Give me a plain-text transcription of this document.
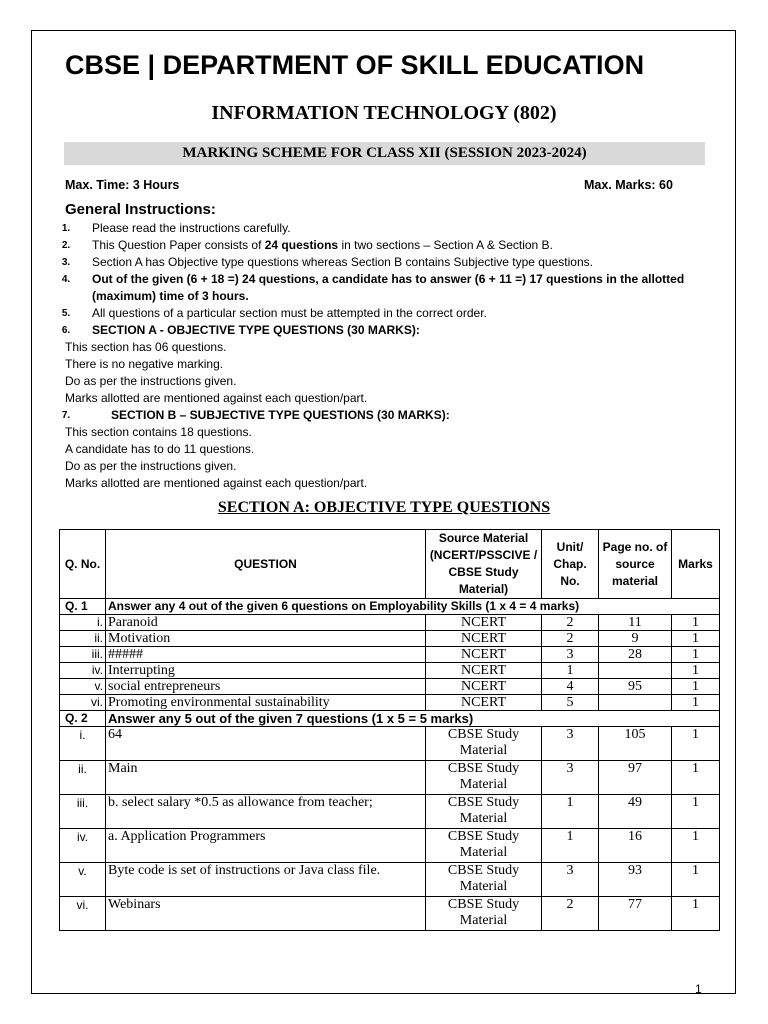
CBSE | DEPARTMENT OF SKILL EDUCATION
INFORMATION TECHNOLOGY (802)
MARKING SCHEME FOR CLASS XII (SESSION 2023-2024)
Max. Time: 3 Hours	Max. Marks: 60
General Instructions:
1.	Please read the instructions carefully.
2.	This Question Paper consists of 24 questions in two sections – Section A & Section B.
3.	Section A has Objective type questions whereas Section B contains Subjective type questions.
4.	Out of the given (6 + 18 =) 24 questions, a candidate has to answer (6 + 11 =) 17 questions in the allotted
(maximum) time of 3 hours.
5.	All questions of a particular section must be attempted in the correct order.
6.	SECTION A - OBJECTIVE TYPE QUESTIONS (30 MARKS):
This section has 06 questions.
There is no negative marking.
Do as per the instructions given.
Marks allotted are mentioned against each question/part.
7.	SECTION B – SUBJECTIVE TYPE QUESTIONS (30 MARKS):
This section contains 18 questions.
A candidate has to do 11 questions.
Do as per the instructions given.
Marks allotted are mentioned against each question/part.
SECTION A: OBJECTIVE TYPE QUESTIONS
Q. No.	QUESTION	Source Material (NCERT/PSSCIVE / CBSE Study Material)	Unit/ Chap. No.	Page no. of source material	Marks
Q. 1	Answer any 4 out of the given 6 questions on Employability Skills (1 x 4 = 4 marks)				
i.	Paranoid	NCERT	2	11	1
ii.	Motivation	NCERT	2	9	1
iii.	#####	NCERT	3	28	1
iv.	Interrupting	NCERT	1		1
v.	social entrepreneurs	NCERT	4	95	1
vi.	Promoting environmental sustainability	NCERT	5		1
Q. 2	Answer any 5 out of the given 7 questions (1 x 5 = 5 marks)				
i.	64	CBSE Study
Material	3	105	1
ii.	Main	CBSE Study
Material	3	97	1
iii.	b. select salary *0.5 as allowance from teacher;	CBSE Study
Material	1	49	1
iv.	a. Application Programmers	CBSE Study
Material	1	16	1
v.	Byte code is set of instructions or Java class file.	CBSE Study
Material	3	93	1
vi.	Webinars	CBSE Study
Material	2	77	1
1
